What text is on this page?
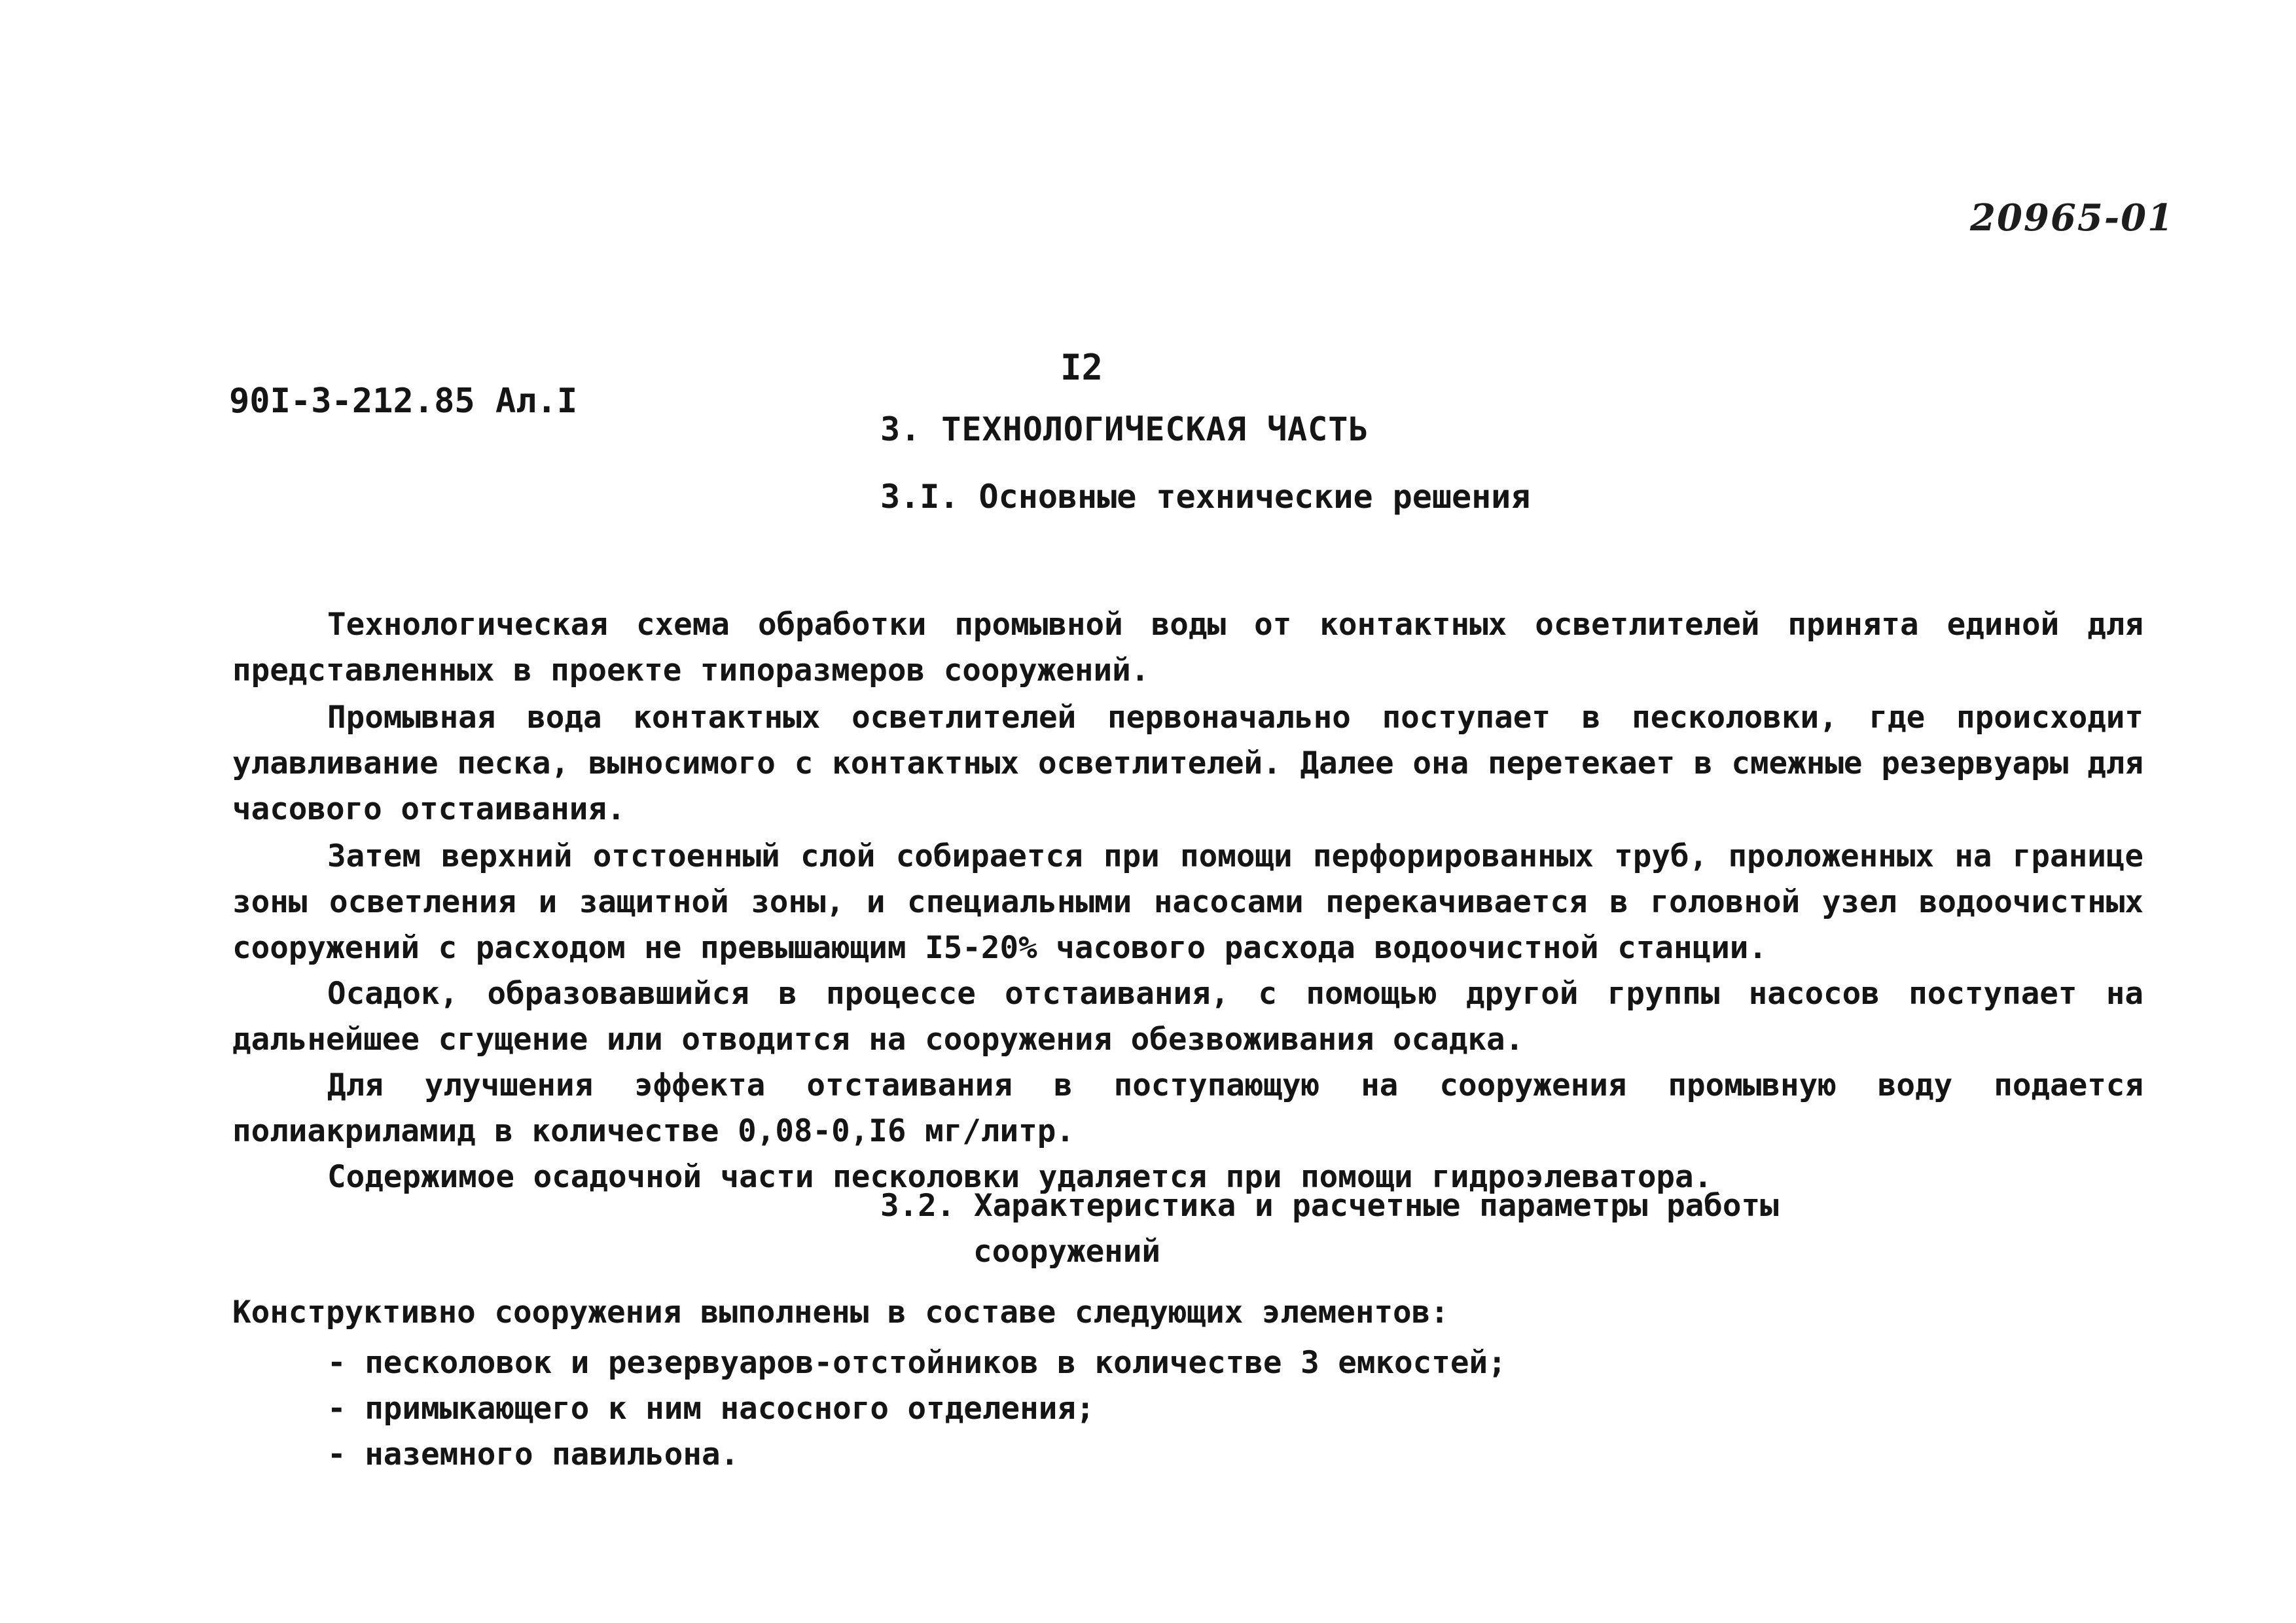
20965-01
I2
90I-3-212.85 Ал.I
3. ТЕХНОЛОГИЧЕСКАЯ ЧАСТЬ
3.I. Основные технические решения

Технологическая схема обработки промывной воды от контактных осветлителей принята единой для представленных в проекте типоразмеров сооружений.

Промывная вода контактных осветлителей первоначально поступает в песколовки, где происходит улавливание песка, выносимого с контактных осветлителей. Далее она перетекает в смежные резервуары для часового отстаивания.

Затем верхний отстоенный слой собирается при помощи перфорированных труб, проложенных на границе зоны осветления и защитной зоны, и специальными насосами перекачивается в головной узел водоочистных сооружений с расходом не превышающим I5-20% часового расхода водоочистной станции.

Осадок, образовавшийся в процессе отстаивания, с помощью другой группы насосов поступает на дальнейшее сгущение или отводится на сооружения обезвоживания осадка.

Для улучшения эффекта отстаивания в поступающую на сооружения промывную воду подается полиакриламид в количестве 0,08-0,I6 мг/литр.

Содержимое осадочной части песколовки удаляется при помощи гидроэлеватора.

3.2. Характеристика и расчетные параметры работы
сооружений
Конструктивно сооружения выполнены в составе следующих элементов:
- песколовок и резервуаров-отстойников в количестве 3 емкостей;
- примыкающего к ним насосного отделения;
- наземного павильона.
